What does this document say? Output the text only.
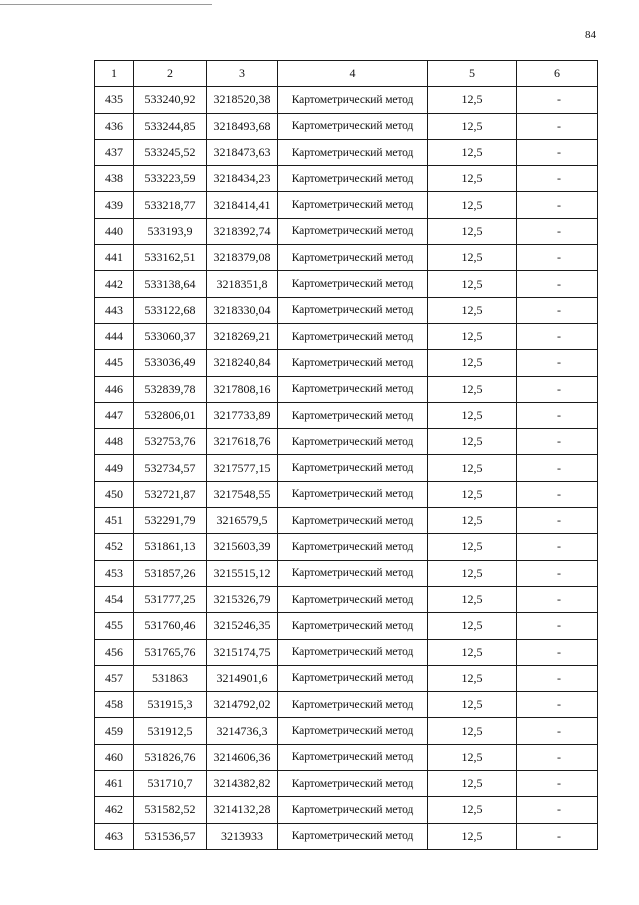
84
1	2	3	4	5	6
435	533240,92	3218520,38	Картометрический метод	12,5	-
436	533244,85	3218493,68	Картометрический метод	12,5	-
437	533245,52	3218473,63	Картометрический метод	12,5	-
438	533223,59	3218434,23	Картометрический метод	12,5	-
439	533218,77	3218414,41	Картометрический метод	12,5	-
440	533193,9	3218392,74	Картометрический метод	12,5	-
441	533162,51	3218379,08	Картометрический метод	12,5	-
442	533138,64	3218351,8	Картометрический метод	12,5	-
443	533122,68	3218330,04	Картометрический метод	12,5	-
444	533060,37	3218269,21	Картометрический метод	12,5	-
445	533036,49	3218240,84	Картометрический метод	12,5	-
446	532839,78	3217808,16	Картометрический метод	12,5	-
447	532806,01	3217733,89	Картометрический метод	12,5	-
448	532753,76	3217618,76	Картометрический метод	12,5	-
449	532734,57	3217577,15	Картометрический метод	12,5	-
450	532721,87	3217548,55	Картометрический метод	12,5	-
451	532291,79	3216579,5	Картометрический метод	12,5	-
452	531861,13	3215603,39	Картометрический метод	12,5	-
453	531857,26	3215515,12	Картометрический метод	12,5	-
454	531777,25	3215326,79	Картометрический метод	12,5	-
455	531760,46	3215246,35	Картометрический метод	12,5	-
456	531765,76	3215174,75	Картометрический метод	12,5	-
457	531863	3214901,6	Картометрический метод	12,5	-
458	531915,3	3214792,02	Картометрический метод	12,5	-
459	531912,5	3214736,3	Картометрический метод	12,5	-
460	531826,76	3214606,36	Картометрический метод	12,5	-
461	531710,7	3214382,82	Картометрический метод	12,5	-
462	531582,52	3214132,28	Картометрический метод	12,5	-
463	531536,57	3213933	Картометрический метод	12,5	-
